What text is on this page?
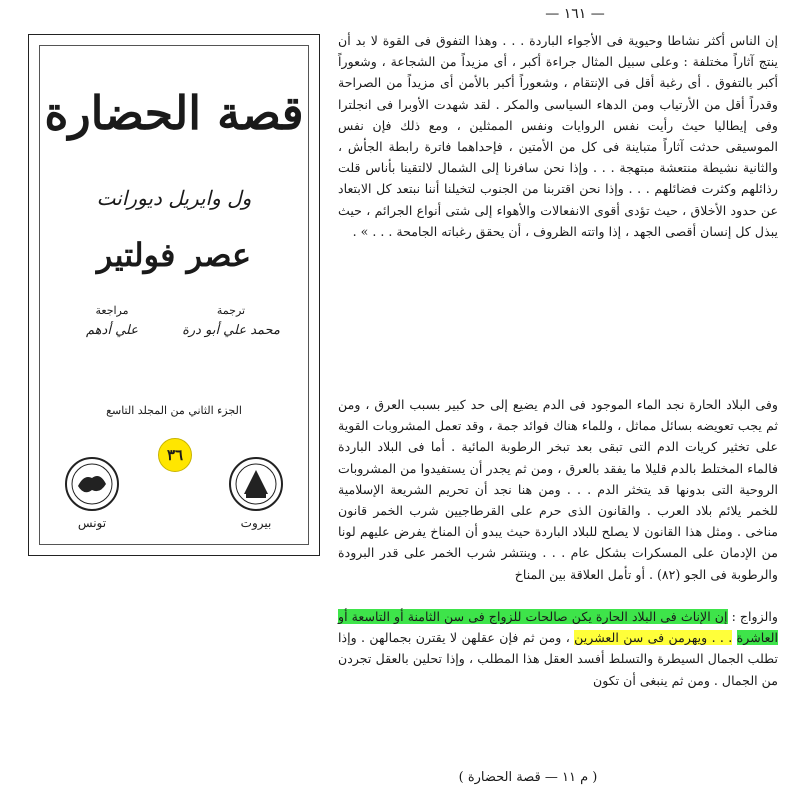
— ١٦١ —
قصة الحضارة
ول وايريل ديورانت
عصر فولتير
ترجمة
محمد علي أبو درة
مراجعة
علي أدهم
الجزء الثاني من المجلد التاسع
٣٦
تونس	بيروت

إن الناس أكثر نشاطا وحيوية فى الأجواء الباردة . . . وهذا التفوق فى القوة لا بد أن ينتج آثاراً مختلفة : وعلى سبيل المثال جراءة أكبر ، أى مزيداً من الشجاعة ، وشعوراً أكبر بالتفوق . أى رغبة أقل فى الإنتقام ، وشعوراً أكبر بالأمن أى مزيداً من الصراحة وقدراً أقل من الأرتياب ومن الدهاء السياسى والمكر . لقد شهدت الأوبرا فى انجلترا وفى إيطاليا حيث رأيت نفس الروايات ونفس الممثلين ، ومع ذلك فإن نفس الموسيقى حدثت آثاراً متباينة فى كل من الأمتين ، فإحداهما فاترة رابطة الجأش ، والثانية نشيطة منتعشة مبتهجة . . . وإذا نحن سافرنا إلى الشمال لالتقينا بأناس قلت رذائلهم وكثرت فضائلهم . . . وإذا نحن اقتربنا من الجنوب لتخيلنا أننا نبتعد كل الابتعاد عن حدود الأخلاق ، حيث تؤدى أقوى الانفعالات والأهواء إلى شتى أنواع الجرائم ، حيث يبذل كل إنسان أقصى الجهد ، إذا واتته الظروف ، أن يحقق رغباته الجامحة . . . » .

وفى البلاد الحارة نجد الماء الموجود فى الدم يضيع إلى حد كبير بسبب العرق ، ومن ثم يجب تعويضه بسائل مماثل ، وللماء هناك فوائد جمة ، وقد تعمل المشروبات القوية على تخثير كريات الدم التى تبقى بعد تبخر الرطوبة المائية . أما فى البلاد الباردة فالماء المختلط بالدم قليلا ما يفقد بالعرق ، ومن ثم يجدر أن يستفيدوا من المشروبات الروحية التى بدونها قد يتخثر الدم . . . ومن هنا نجد أن تحريم الشريعة الإسلامية للخمر يلائم بلاد العرب . والقانون الذى حرم على القرطاجيين شرب الخمر قانون مناخى . ومثل هذا القانون لا يصلح للبلاد الباردة حيث يبدو أن المناخ يفرض عليهم لونا من الإدمان على المسكرات بشكل عام . . . وينتشر شرب الخمر على قدر البرودة والرطوبة فى الجو (٨٢) . أو تأمل العلاقة بين المناخ

والزواج : إن الإناث فى البلاد الحارة يكن صالحات للزواج فى سن الثامنة أو التاسعة أو العاشرة . . . ويهرمن فى سن العشرين ، ومن ثم فإن عقلهن لا يقترن بجمالهن . وإذا تطلب الجمال السيطرة والتسلط أفسد العقل هذا المطلب ، وإذا تحلين بالعقل تجردن من الجمال . ومن ثم ينبغى أن تكون

( م ١١ — قصة الحضارة )
